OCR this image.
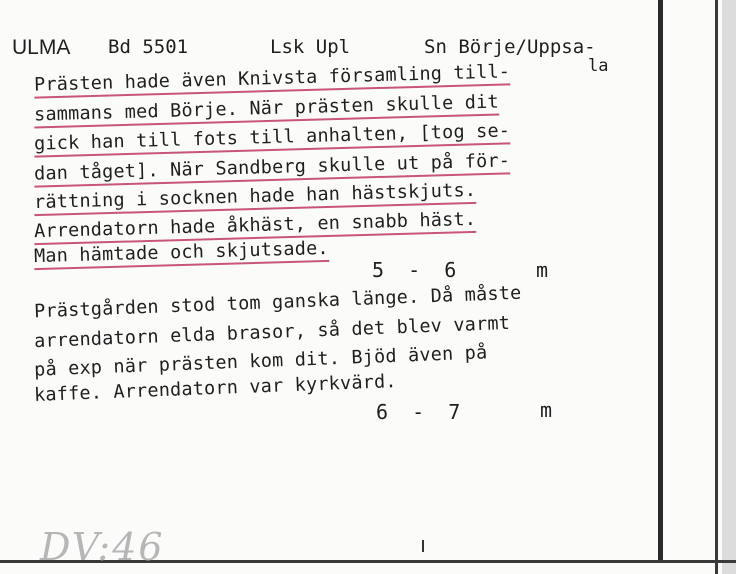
ULMA Bd 5501	Lsk Upl	Sn Börje/Uppsa-
la
Prästen hade även Knivsta församling till-
sammans med Börje. När prästen skulle dit
gick han till fots till anhalten, [tog se-
dan tåget]. När Sandberg skulle ut på för-
rättning i socknen hade han hästskjuts.
Arrendatorn hade åkhäst, en snabb häst.
Man hämtade och skjutsade.
5  -  6	m
Prästgården stod tom ganska länge. Då måste
arrendatorn elda brasor, så det blev varmt
på exp när prästen kom dit. Bjöd även på
kaffe. Arrendatorn var kyrkvärd.
6  -  7	m
DV:46
